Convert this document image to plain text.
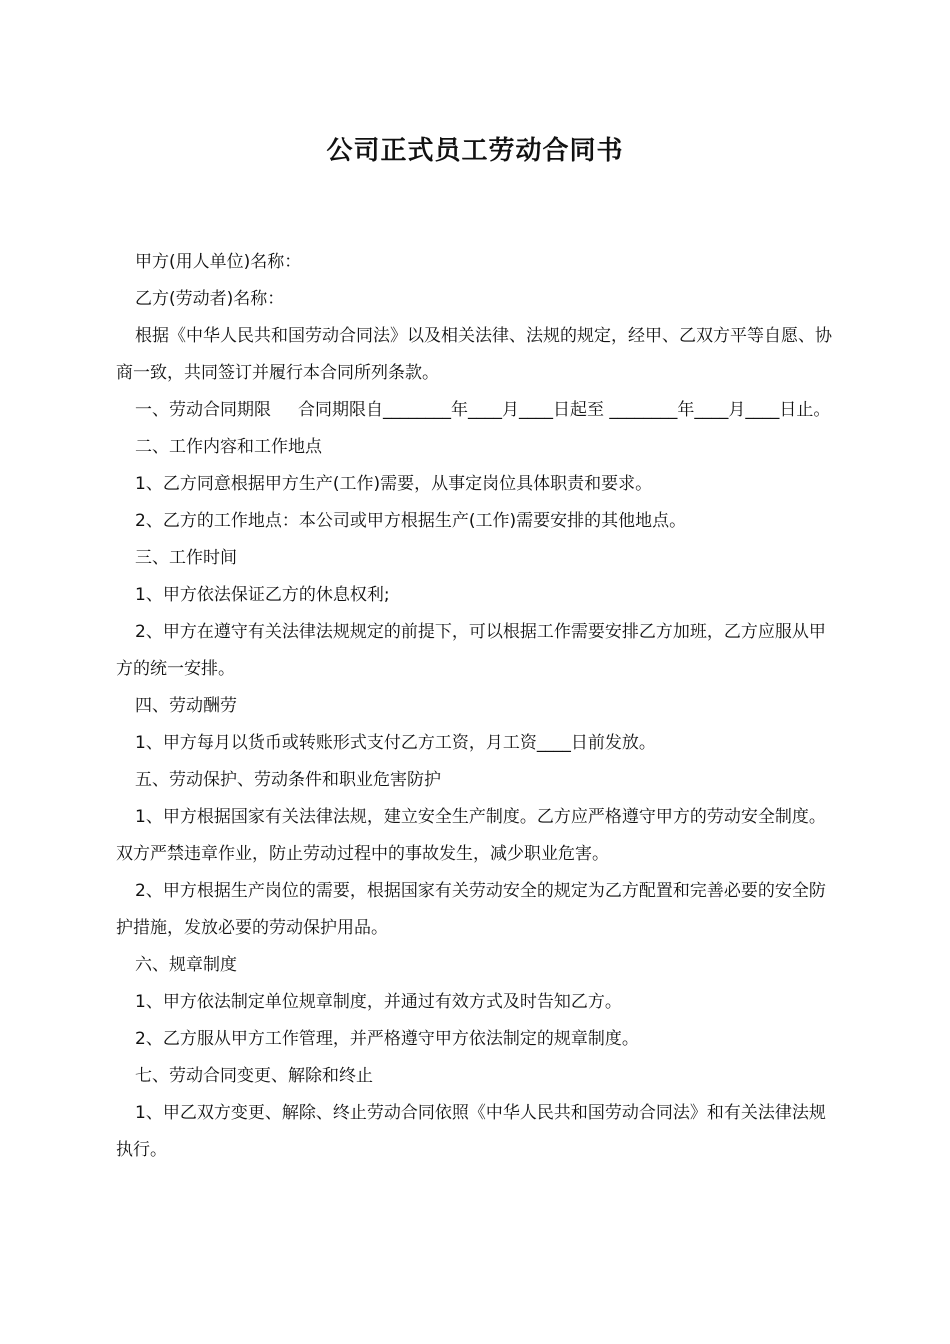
公司正式员工劳动合同书

甲方(用人单位)名称：

乙方(劳动者)名称：

根据《中华人民共和国劳动合同法》以及相关法律、法规的规定，经甲、乙双方平等自愿、协商一致，共同签订并履行本合同所列条款。

一、劳动合同期限     合同期限自________年____月____日起至 ________年____月____日止。

二、工作内容和工作地点

1、乙方同意根据甲方生产(工作)需要，从事定岗位具体职责和要求。

2、乙方的工作地点：本公司或甲方根据生产(工作)需要安排的其他地点。

三、工作时间

1、甲方依法保证乙方的休息权利;

2、甲方在遵守有关法律法规规定的前提下，可以根据工作需要安排乙方加班，乙方应服从甲方的统一安排。

四、劳动酬劳

1、甲方每月以货币或转账形式支付乙方工资，月工资____日前发放。

五、劳动保护、劳动条件和职业危害防护

1、甲方根据国家有关法律法规，建立安全生产制度。乙方应严格遵守甲方的劳动安全制度。双方严禁违章作业，防止劳动过程中的事故发生，减少职业危害。

2、甲方根据生产岗位的需要，根据国家有关劳动安全的规定为乙方配置和完善必要的安全防护措施，发放必要的劳动保护用品。

六、规章制度

1、甲方依法制定单位规章制度，并通过有效方式及时告知乙方。

2、乙方服从甲方工作管理，并严格遵守甲方依法制定的规章制度。

七、劳动合同变更、解除和终止

1、甲乙双方变更、解除、终止劳动合同依照《中华人民共和国劳动合同法》和有关法律法规执行。
